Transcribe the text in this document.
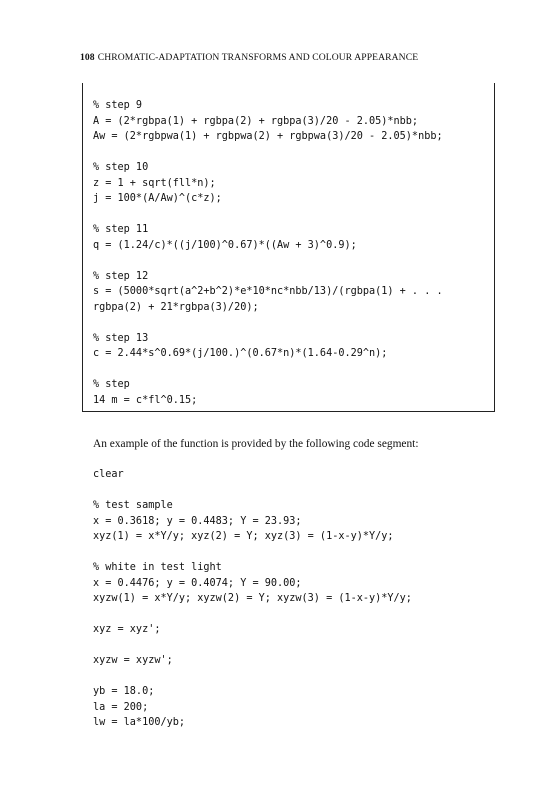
108 CHROMATIC-ADAPTATION TRANSFORMS AND COLOUR APPEARANCE
% step 9
A = (2*rgbpa(1) + rgbpa(2) + rgbpa(3)/20 - 2.05)*nbb;
Aw = (2*rgbpwa(1) + rgbpwa(2) + rgbpwa(3)/20 - 2.05)*nbb;

% step 10
z = 1 + sqrt(fll*n);
j = 100*(A/Aw)^(c*z);

% step 11
q = (1.24/c)*((j/100)^0.67)*((Aw + 3)^0.9);

% step 12
s = (5000*sqrt(a^2+b^2)*e*10*nc*nbb/13)/(rgbpa(1) + . . .
rgbpa(2) + 21*rgbpa(3)/20);

% step 13
c = 2.44*s^0.69*(j/100.)^(0.67*n)*(1.64-0.29^n);

% step
14 m = c*fl^0.15;
An example of the function is provided by the following code segment:
clear

% test sample
x = 0.3618; y = 0.4483; Y = 23.93;
xyz(1) = x*Y/y; xyz(2) = Y; xyz(3) = (1-x-y)*Y/y;

% white in test light
x = 0.4476; y = 0.4074; Y = 90.00;
xyzw(1) = x*Y/y; xyzw(2) = Y; xyzw(3) = (1-x-y)*Y/y;

xyz = xyz';

xyzw = xyzw';

yb = 18.0;
la = 200;
lw = la*100/yb;
